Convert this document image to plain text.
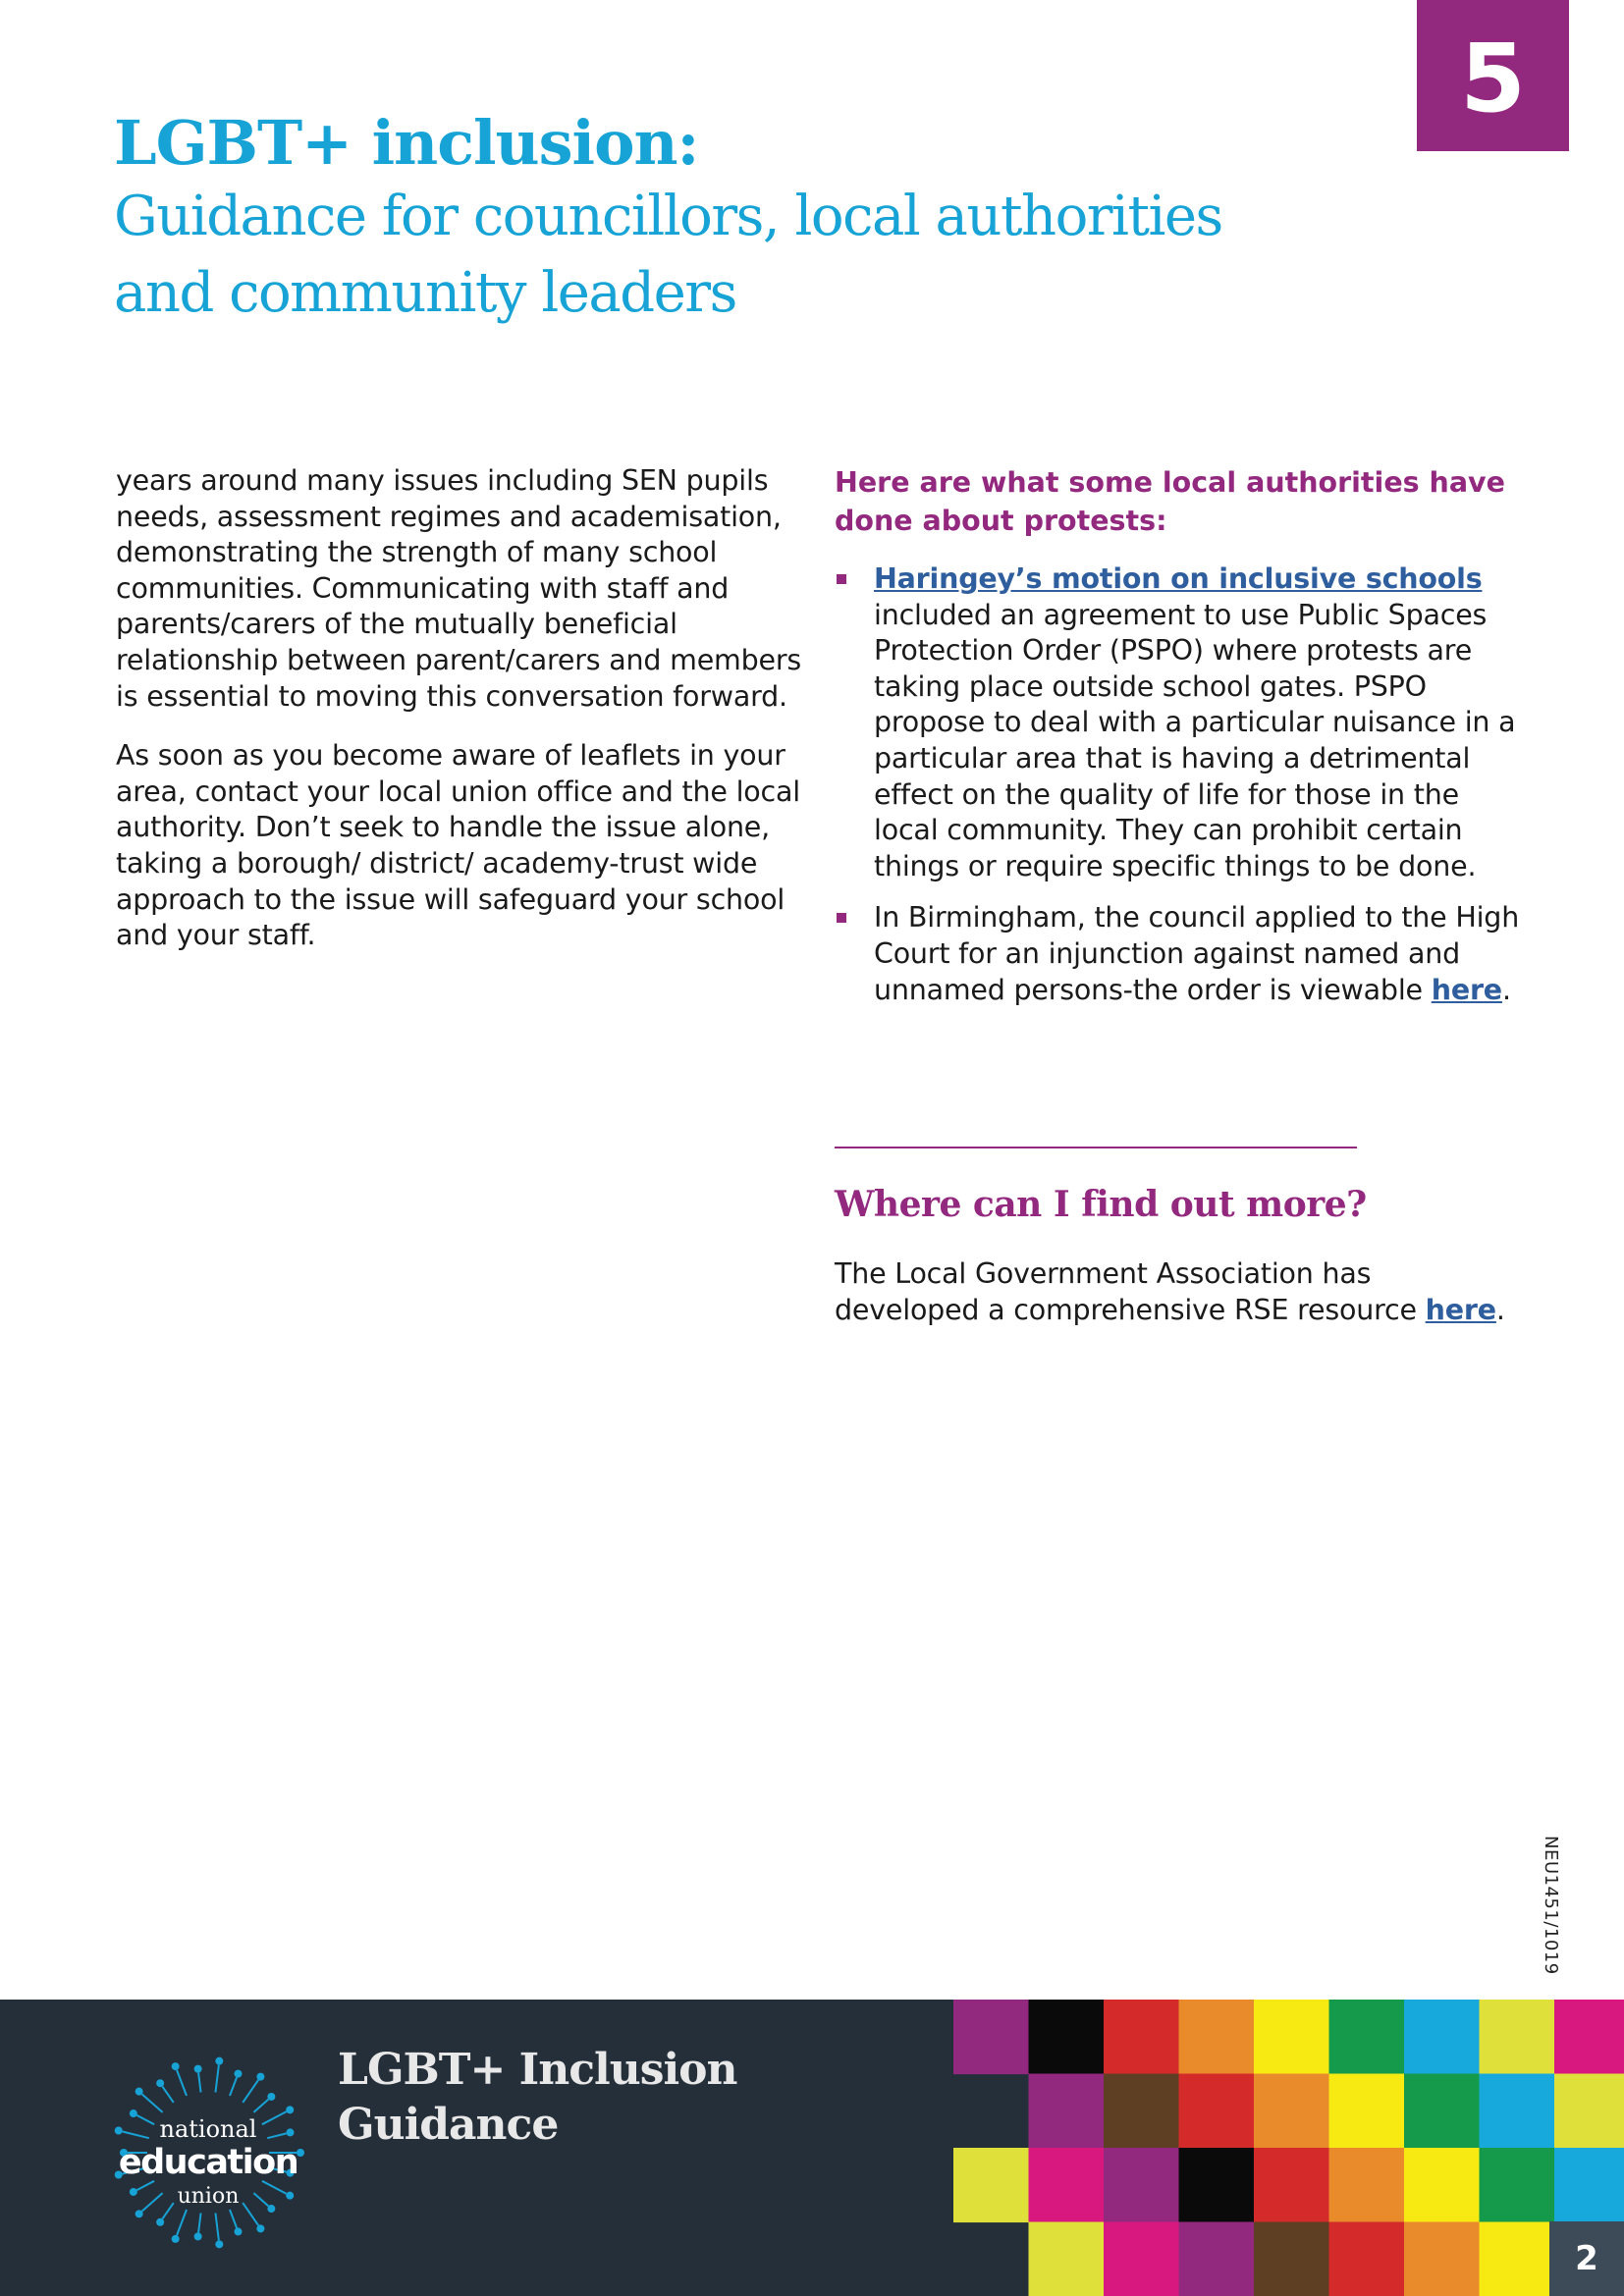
5
LGBT+ inclusion:
Guidance for councillors, local authorities
and community leaders

years around many issues including SEN pupils needs, assessment regimes and academisation, demonstrating the strength of many school communities. Communicating with staff and parents/carers of the mutually beneficial relationship between parent/carers and members is essential to moving this conversation forward.

As soon as you become aware of leaflets in your area, contact your local union office and the local authority. Don’t seek to handle the issue alone, taking a borough/ district/ academy-trust wide approach to the issue will safeguard your school and your staff.

Here are what some local authorities have done about protests:
Haringey’s motion on inclusive schools included an agreement to use Public Spaces Protection Order (PSPO) where protests are taking place outside school gates. PSPO propose to deal with a particular nuisance in a particular area that is having a detrimental effect on the quality of life for those in the local community. They can prohibit certain things or require specific things to be done.
In Birmingham, the council applied to the High Court for an injunction against named and unnamed persons-the order is viewable here.
Where can I find out more?

The Local Government Association has developed a comprehensive RSE resource here.

NEU1451/1019
national
education
union
LGBT+ Inclusion
Guidance
2
